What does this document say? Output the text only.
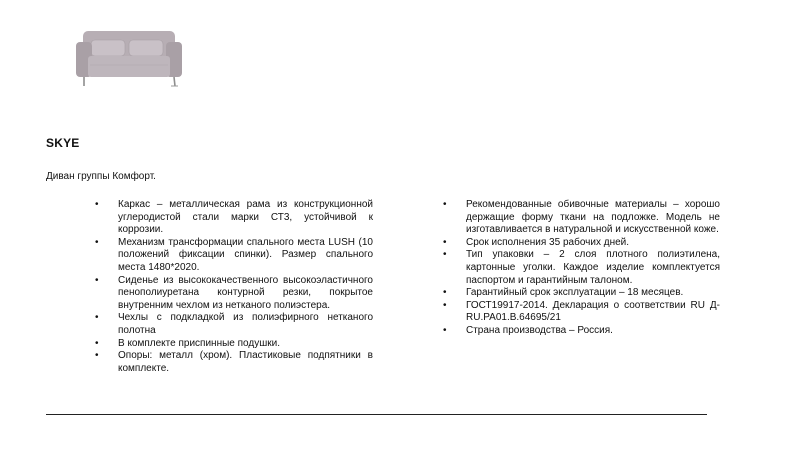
SKYE
Диван группы Комфорт.
• Каркас – металлическая рама из конструкционной углеродистой стали марки СТ3, устойчивой к коррозии.
• Механизм трансформации спального места LUSH (10 положений фиксации спинки). Размер спального места 1480*2020.
• Сиденье из высококачественного высокоэластичного пенополиуретана контурной резки, покрытое внутренним чехлом из нетканого полиэстера.
• Чехлы с подкладкой из полиэфирного нетканого полотна
• В комплекте приспинные подушки.
• Опоры: металл (хром). Пластиковые подпятники в комплекте.
• Рекомендованные обивочные материалы – хорошо держащие форму ткани на подложке. Модель не изготавливается в натуральной и искусственной коже.
• Срок исполнения 35 рабочих дней.
• Тип упаковки – 2 слоя плотного полиэтилена, картонные уголки. Каждое изделие комплектуется паспортом и гарантийным талоном.
• Гарантийный срок эксплуатации – 18 месяцев.
• ГОСТ19917-2014. Декларация о соответствии RU Д-RU.PA01.B.64695/21
• Страна производства – Россия.
